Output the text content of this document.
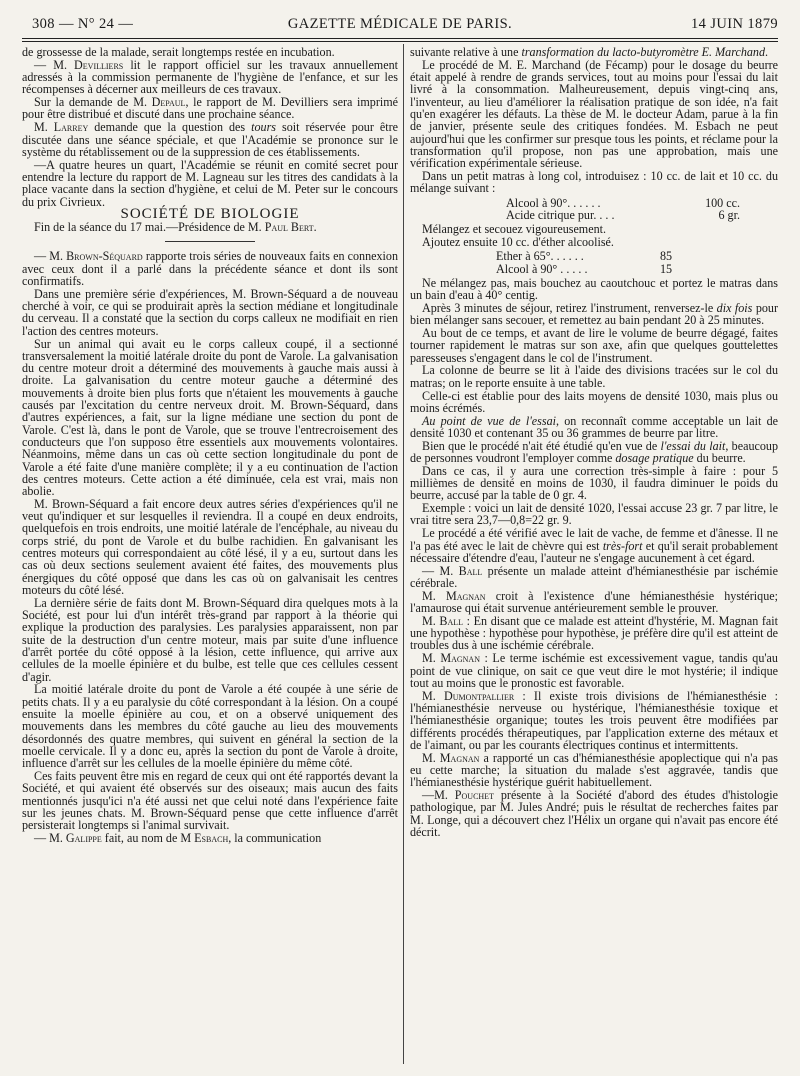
308 — N° 24 —	GAZETTE MÉDICALE DE PARIS.	14 JUIN 1879

de grossesse de la malade, serait longtemps restée en incubation.

— M. Devilliers lit le rapport officiel sur les travaux annuellement adressés à la commission permanente de l'hygiène de l'enfance, et sur les récompenses à décerner aux meilleurs de ces travaux.

Sur la demande de M. Depaul, le rapport de M. Devilliers sera imprimé pour être distribué et discuté dans une prochaine séance.

M. Larrey demande que la question des tours soit réservée pour être discutée dans une séance spéciale, et que l'Académie se prononce sur le système du rétablissement ou de la suppression de ces établissements.

—A quatre heures un quart, l'Académie se réunit en comité secret pour entendre la lecture du rapport de M. Lagneau sur les titres des candidats à la place vacante dans la section d'hygiène, et celui de M. Peter sur le concours du prix Civrieux.

SOCIÉTÉ DE BIOLOGIE

Fin de la séance du 17 mai.—Présidence de M. Paul Bert.

— M. Brown-Séquard rapporte trois séries de nouveaux faits en connexion avec ceux dont il a parlé dans la précédente séance et dont ils sont confirmatifs.

Dans une première série d'expériences, M. Brown-Séquard a de nouveau cherché à voir, ce qui se produirait après la section médiane et longitudinale du cerveau. Il a constaté que la section du corps calleux ne modifiait en rien l'action des centres moteurs.

Sur un animal qui avait eu le corps calleux coupé, il a sectionné transversalement la moitié latérale droite du pont de Varole. La galvanisation du centre moteur droit a déterminé des mouvements à gauche mais aussi à droite. La galvanisation du centre moteur gauche a déterminé des mouvements à droite bien plus forts que n'étaient les mouvements à gauche causés par l'excitation du centre nerveux droit. M. Brown-Séquard, dans d'autres expériences, a fait, sur la ligne médiane une section du pont de Varole. C'est là, dans le pont de Varole, que se trouve l'entrecroisement des conducteurs que l'on supposo être essentiels aux mouvements volontaires. Néanmoins, même dans un cas où cette section longitudinale du pont de Varole a été faite d'une manière complète; il y a eu continuation de l'action des centres moteurs. Cette action a été diminuée, cela est vrai, mais non abolie.

M. Brown-Séquard a fait encore deux autres séries d'expériences qu'il ne veut qu'indiquer et sur lesquelles il reviendra. Il a coupé en deux endroits, quelquefois en trois endroits, une moitié latérale de l'encéphale, au niveau du corps strié, du pont de Varole et du bulbe rachidien. En galvanisant les centres moteurs qui correspondaient au côté lésé, il y a eu, surtout dans les cas où deux sections seulement avaient été faites, des mouvements plus énergiques du côté opposé que dans les cas où on galvanisait les centres moteurs du côté lésé.

La dernière série de faits dont M. Brown-Séquard dira quelques mots à la Société, est pour lui d'un intérêt très-grand par rapport à la théorie qui explique la production des paralysies. Les paralysies apparaissent, non par suite de la destruction d'un centre moteur, mais par suite d'une influence d'arrêt portée du côté opposé à la lésion, cette influence, qui arrive aux cellules de la moelle épinière et du bulbe, est telle que ces cellules cessent d'agir.

La moitié latérale droite du pont de Varole a été coupée à une série de petits chats. Il y a eu paralysie du côté correspondant à la lésion. On a coupé ensuite la moelle épinière au cou, et on a observé uniquement des mouvements dans les membres du côté gauche au lieu des mouvements désordonnés des quatre membres, qui suivent en général la section de la moelle cervicale. Il y a donc eu, après la section du pont de Varole à droite, influence d'arrêt sur les cellules de la moelle épinière du même côté.

Ces faits peuvent être mis en regard de ceux qui ont été rapportés devant la Société, et qui avaient été observés sur des oiseaux; mais aucun des faits mentionnés jusqu'ici n'a été aussi net que celui noté dans l'expérience faite sur les jeunes chats. M. Brown-Séquard pense que cette influence d'arrêt persisterait longtemps si l'animal survivait.

— M. Galippe fait, au nom de M Esbach, la communication

suivante relative à une transformation du lacto-butyromètre E. Marchand.

Le procédé de M. E. Marchand (de Fécamp) pour le dosage du beurre était appelé à rendre de grands services, tout au moins pour l'essai du lait livré à la consommation. Malheureusement, depuis vingt-cinq ans, l'inventeur, au lieu d'améliorer la réalisation pratique de son idée, n'a fait qu'en exagérer les défauts. La thèse de M. le docteur Adam, parue à la fin de janvier, présente seule des critiques fondées. M. Esbach ne peut aujourd'hui que les confirmer sur presque tous les points, et réclame pour la transformation qu'il propose, non pas une approbation, mais une vérification expérimentale sérieuse.

Dans un petit matras à long col, introduisez : 10 cc. de lait et 10 cc. du mélange suivant :

Alcool à 90°. . . . . .	100 cc.
Acide citrique pur. . . .	6 gr.

Mélangez et secouez vigoureusement.

Ajoutez ensuite 10 cc. d'éther alcoolisé.

Ether à 65°. . . . . .	85
Alcool à 90° . . . . .	15

Ne mélangez pas, mais bouchez au caoutchouc et portez le matras dans un bain d'eau à 40° centig.

Après 3 minutes de séjour, retirez l'instrument, renversez-le dix fois pour bien mélanger sans secouer, et remettez au bain pendant 20 à 25 minutes.

Au bout de ce temps, et avant de lire le volume de beurre dégagé, faites tourner rapidement le matras sur son axe, afin que quelques gouttelettes paresseuses s'engagent dans le col de l'instrument.

La colonne de beurre se lit à l'aide des divisions tracées sur le col du matras; on le reporte ensuite à une table.

Celle-ci est établie pour des laits moyens de densité 1030, mais plus ou moins écrémés.

Au point de vue de l'essai, on reconnaît comme acceptable un lait de densité 1030 et contenant 35 ou 36 grammes de beurre par litre.

Bien que le procédé n'ait été étudié qu'en vue de l'essai du lait, beaucoup de personnes voudront l'employer comme dosage pratique du beurre.

Dans ce cas, il y aura une correction très-simple à faire : pour 5 millièmes de densité en moins de 1030, il faudra diminuer le poids du beurre, accusé par la table de 0 gr. 4.

Exemple : voici un lait de densité 1020, l'essai accuse 23 gr. 7 par litre, le vrai titre sera 23,7—0,8=22 gr. 9.

Le procédé a été vérifié avec le lait de vache, de femme et d'ânesse. Il ne l'a pas été avec le lait de chèvre qui est très-fort et qu'il serait probablement nécessaire d'étendre d'eau, l'auteur ne s'engage aucunement à cet égard.

— M. Ball présente un malade atteint d'hémianesthésie par ischémie cérébrale.

M. Magnan croit à l'existence d'une hémianesthésie hystérique; l'amaurose qui était survenue antérieurement semble le prouver.

M. Ball : En disant que ce malade est atteint d'hystérie, M. Magnan fait une hypothèse : hypothèse pour hypothèse, je préfère dire qu'il est atteint de troubles dus à une ischémie cérébrale.

M. Magnan : Le terme ischémie est excessivement vague, tandis qu'au point de vue clinique, on sait ce que veut dire le mot hystérie; il indique tout au moins que le pronostic est favorable.

M. Dumontpallier : Il existe trois divisions de l'hémianesthésie : l'hémianesthésie nerveuse ou hystérique, l'hémianesthésie toxique et l'hémianesthésie organique; toutes les trois peuvent être modifiées par différents procédés thérapeutiques, par l'application externe des métaux et de l'aimant, ou par les courants électriques continus et intermittents.

M. Magnan a rapporté un cas d'hémianesthésie apoplectique qui n'a pas eu cette marche; la situation du malade s'est aggravée, tandis que l'hémianesthésie hystérique guérit habituellement.

—M. Pouchet présente à la Société d'abord des études d'histologie pathologique, par M. Jules André; puis le résultat de recherches faites par M. Longe, qui a découvert chez l'Hélix un organe qui n'avait pas encore été décrit.
